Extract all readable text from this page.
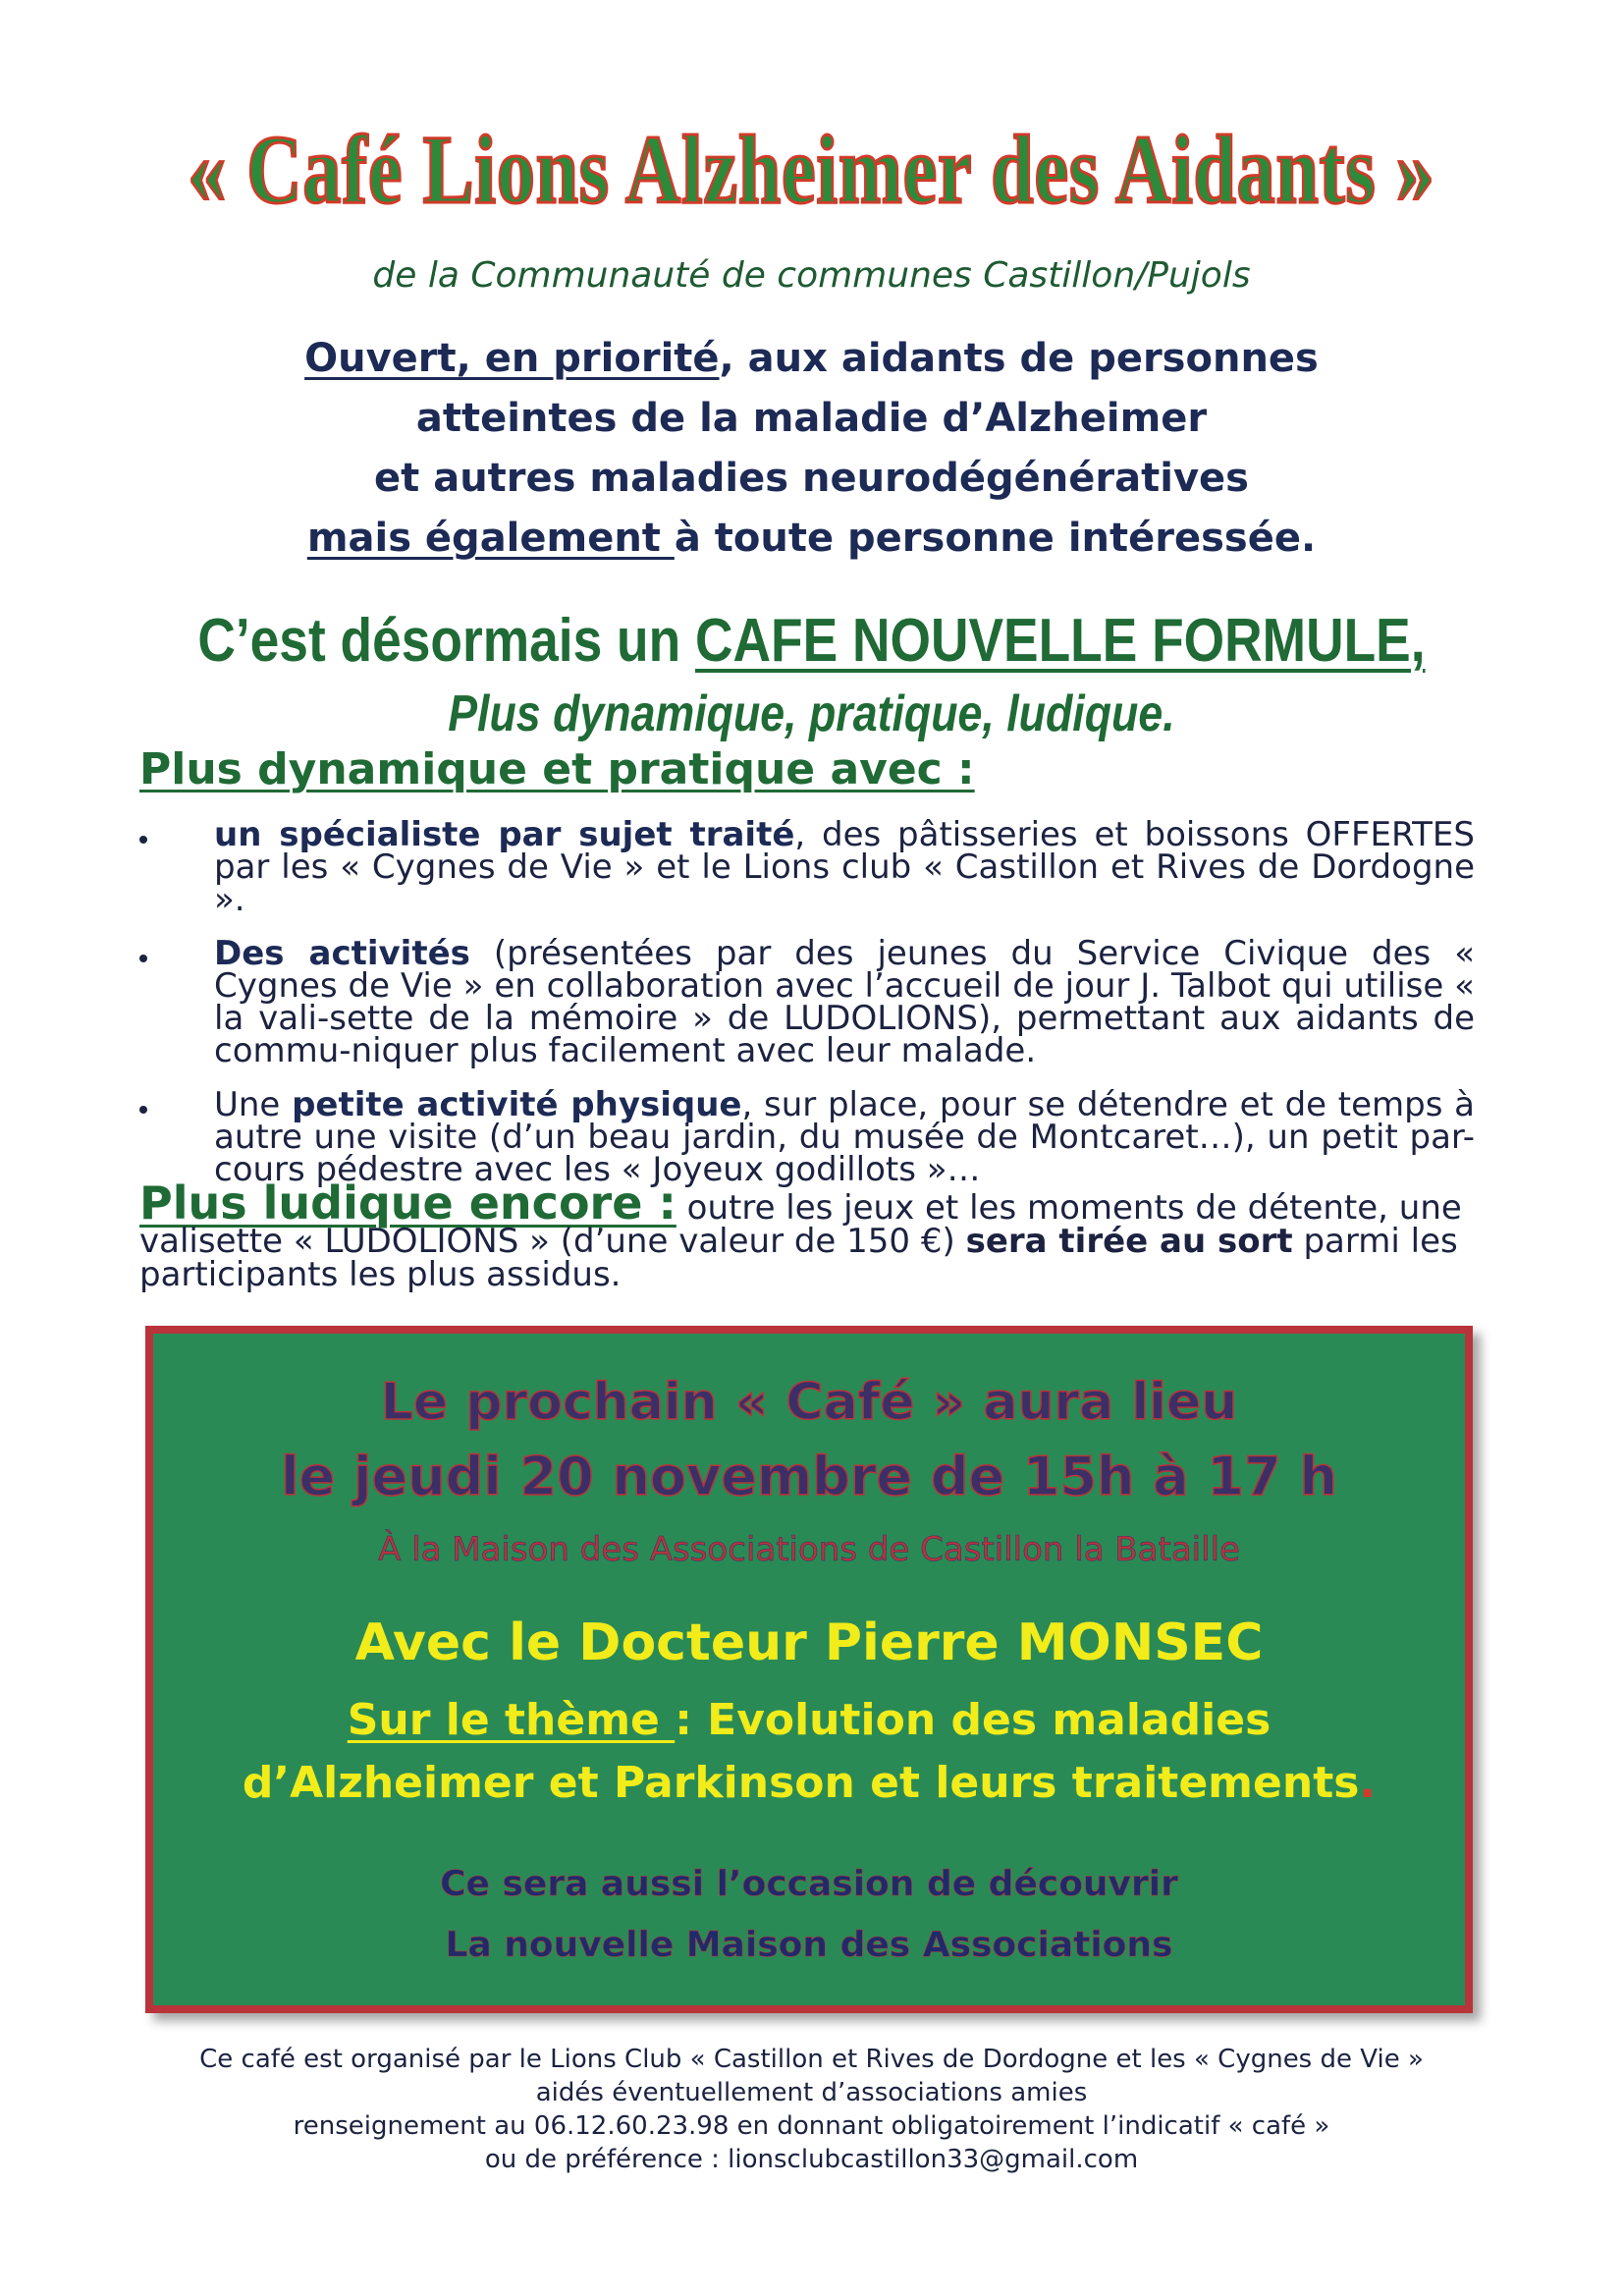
« Café Lions Alzheimer des Aidants »
de la Communauté de communes Castillon/Pujols
Ouvert, en priorité, aux aidants de personnes
atteintes de la maladie d’Alzheimer
et autres maladies neurodégénératives
mais également à toute personne intéressée.
C’est désormais un CAFE NOUVELLE FORMULE,
Plus dynamique, pratique, ludique.
Plus dynamique et pratique avec :
un spécialiste par sujet traité, des pâtisseries et boissons OFFERTES par les « Cygnes de Vie » et le Lions club « Castillon et Rives de Dordogne ».
Des activités (présentées par des jeunes du Service Civique des « Cygnes de Vie » en collaboration avec l’accueil de jour J. Talbot qui utilise « la vali-sette de la mémoire » de LUDOLIONS), permettant aux aidants de commu-niquer plus facilement avec leur malade.
Une petite activité physique, sur place, pour se détendre et de temps à autre une visite (d’un beau jardin, du musée de Montcaret…), un petit par-cours pédestre avec les « Joyeux godillots »…
Plus ludique encore : outre les jeux et les moments de détente, une valisette « LUDOLIONS » (d’une valeur de 150 €) sera tirée au sort parmi les participants les plus assidus.
Le prochain « Café » aura lieu
le jeudi 20 novembre de 15h à 17 h
À la Maison des Associations de Castillon la Bataille
Avec le Docteur Pierre MONSEC
Sur le thème : Evolution des maladies
d’Alzheimer et Parkinson et leurs traitements.
Ce sera aussi l’occasion de découvrir
La nouvelle Maison des Associations
Ce café est organisé par le Lions Club « Castillon et Rives de Dordogne et les « Cygnes de Vie »
aidés éventuellement d’associations amies
renseignement au 06.12.60.23.98 en donnant obligatoirement l’indicatif « café »
ou de préférence : lionsclubcastillon33@gmail.com
